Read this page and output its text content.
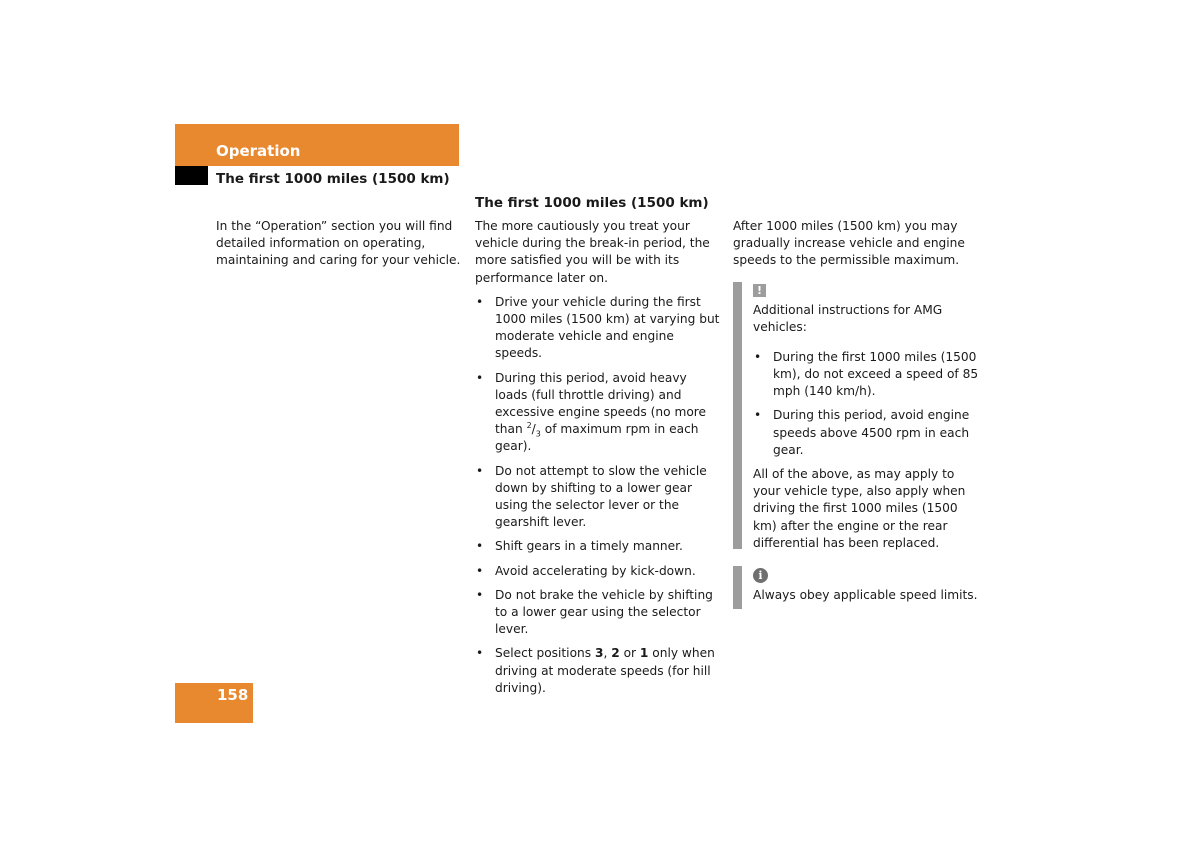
Operation
The first 1000 miles (1500 km)

In the “Operation” section you will find detailed information on operating, maintaining and caring for your vehicle.

The first 1000 miles (1500 km)

The more cautiously you treat your vehicle during the break-in period, the more satisfied you will be with its performance later on.

• Drive your vehicle during the first 1000 miles (1500 km) at varying but moderate vehicle and engine speeds.
• During this period, avoid heavy loads (full throttle driving) and excessive engine speeds (no more than $^2/_3$ of maximum rpm in each gear).
• Do not attempt to slow the vehicle down by shifting to a lower gear using the selector lever or the gearshift lever.
• Shift gears in a timely manner.
• Avoid accelerating by kick-down.
• Do not brake the vehicle by shifting to a lower gear using the selector lever.
• Select positions 3, 2 or 1 only when driving at moderate speeds (for hill driving).

After 1000 miles (1500 km) you may gradually increase vehicle and engine speeds to the permissible maximum.

!

Additional instructions for AMG vehicles:

• During the first 1000 miles (1500 km), do not exceed a speed of 85 mph (140 km/h).
• During this period, avoid engine speeds above 4500 rpm in each gear.

All of the above, as may apply to your vehicle type, also apply when driving the first 1000 miles (1500 km) after the engine or the rear differential has been replaced.

i

Always obey applicable speed limits.

158
